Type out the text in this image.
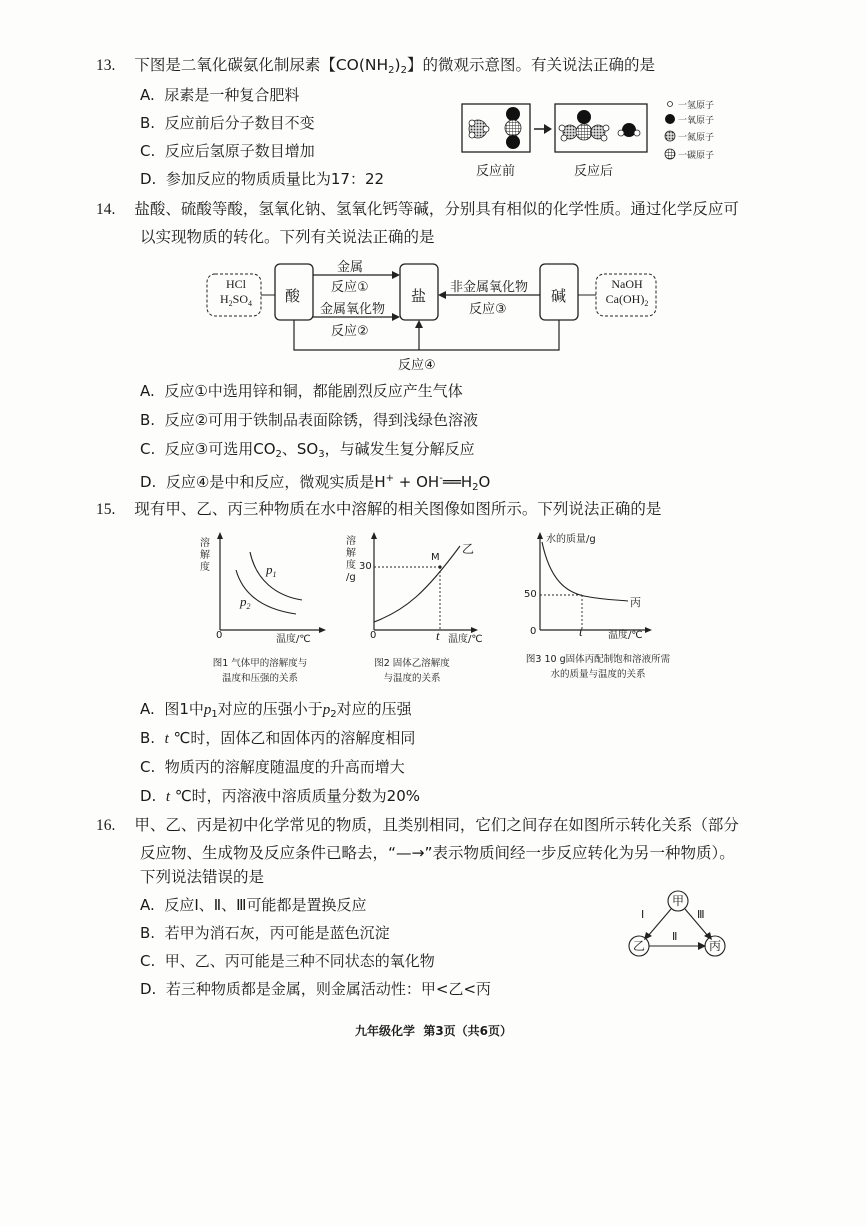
13. 下图是二氧化碳氨化制尿素【$CO(NH_2)_2$】的微观示意图。有关说法正确的是
A. 尿素是一种复合肥料
B. 反应前后分子数目不变
C. 反应后氢原子数目增加
D. 参加反应的物质质量比为17：22	反应前	反应后
一氢原子
一氧原子
一氮原子
一碳原子
14. 盐酸、硫酸等酸，氢氧化钠、氢氧化钙等碱，分别具有相似的化学性质。通过化学反应可
以实现物质的转化。下列有关说法正确的是
HCl
$H_2SO_4$	酸	盐	碱
NaOH
$Ca(OH)_2$
金属
反应①
金属氧化物
反应②
非金属氧化物
反应③
反应④
A. 反应①中选用锌和铜，都能剧烈反应产生气体
B. 反应②可用于铁制品表面除锈，得到浅绿色溶液
C. 反应③可选用$CO_2$、$SO_3$，与碱发生复分解反应
D. 反应④是中和反应，微观实质是$H^+ + OH^-══H_2O$
15. 现有甲、乙、丙三种物质在水中溶解的相关图像如图所示。下列说法正确的是
溶解度
0	温度/℃
$p_1$
$p_2$
图1 气体甲的溶解度与
温度和压强的关系
溶
解
度
/g
30
0	t 温度/℃
M
乙
图2 固体乙溶解度
与温度的关系
水的质量/g
50
0	t	温度/℃
丙
图3 10 g固体丙配制饱和溶液所需
水的质量与温度的关系
A. 图1中$p_1$对应的压强小于$p_2$对应的压强
B. t ℃时，固体乙和固体丙的溶解度相同
C. 物质丙的溶解度随温度的升高而增大
D. t ℃时，丙溶液中溶质质量分数为20%
16. 甲、乙、丙是初中化学常见的物质，且类别相同，它们之间存在如图所示转化关系（部分
反应物、生成物及反应条件已略去，“—→”表示物质间经一步反应转化为另一种物质）。
下列说法错误的是
A. 反应Ⅰ、Ⅱ、Ⅲ可能都是置换反应
B. 若甲为消石灰，丙可能是蓝色沉淀
C. 甲、乙、丙可能是三种不同状态的氧化物
D. 若三种物质都是金属，则金属活动性：甲<乙<丙
甲
乙	丙
Ⅰ
Ⅱ
Ⅲ
九年级化学  第3页（共6页）
